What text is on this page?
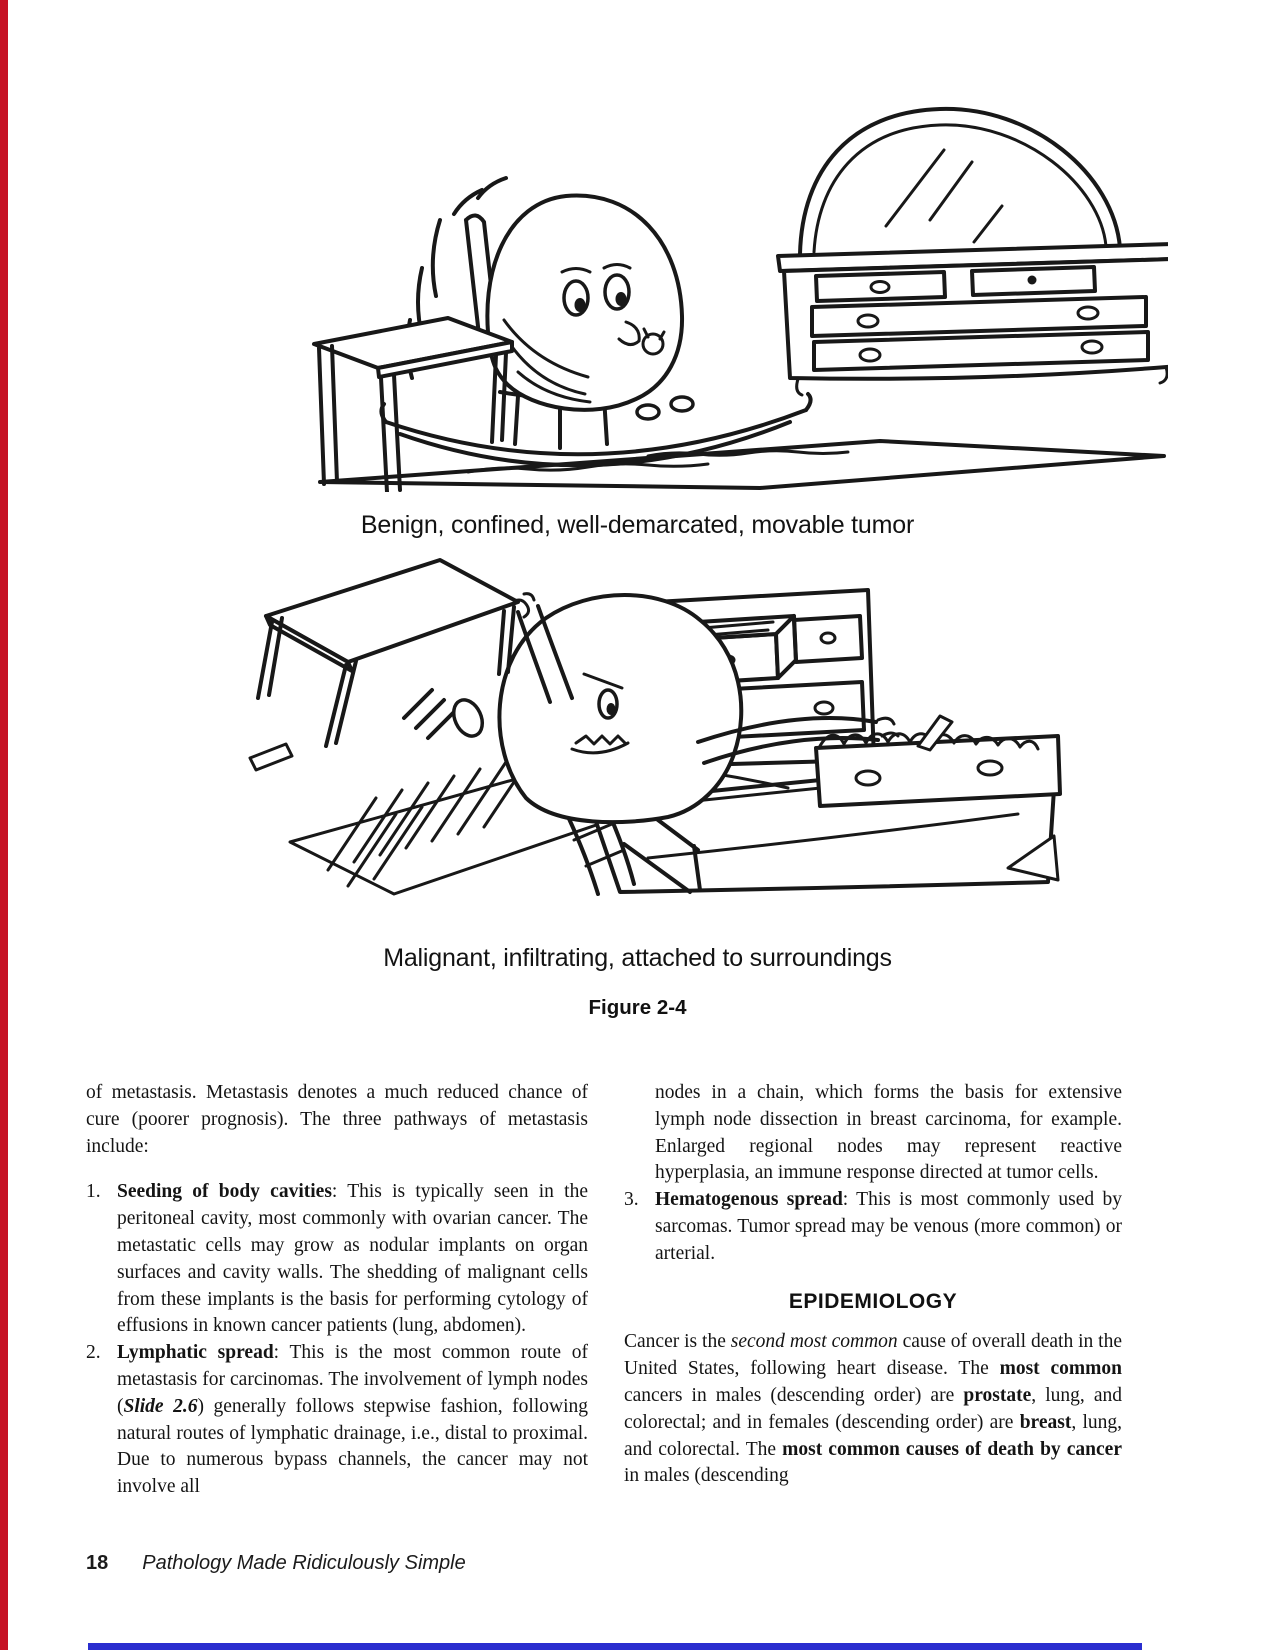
Benign, confined, well-demarcated, movable tumor
Malignant, infiltrating, attached to surroundings
Figure 2-4

of metastasis. Metastasis denotes a much reduced chance of cure (poorer prognosis). The three pathways of metastasis include:

1. Seeding of body cavities: This is typically seen in the peritoneal cavity, most commonly with ovarian cancer. The metastatic cells may grow as nodular implants on organ surfaces and cavity walls. The shedding of malignant cells from these implants is the basis for performing cytology of effusions in known cancer patients (lung, abdomen).
2. Lymphatic spread: This is the most common route of metastasis for carcinomas. The involvement of lymph nodes (Slide 2.6) generally follows stepwise fashion, following natural routes of lymphatic drainage, i.e., distal to proximal. Due to numerous bypass channels, the cancer may not involve all

nodes in a chain, which forms the basis for extensive lymph node dissection in breast carcinoma, for example. Enlarged regional nodes may represent reactive hyperplasia, an immune response directed at tumor cells.

3. Hematogenous spread: This is most commonly used by sarcomas. Tumor spread may be venous (more common) or arterial.
EPIDEMIOLOGY

Cancer is the second most common cause of overall death in the United States, following heart disease. The most common cancers in males (descending order) are prostate, lung, and colorectal; and in females (descending order) are breast, lung, and colorectal. The most common causes of death by cancer in males (descending

18 Pathology Made Ridiculously Simple
